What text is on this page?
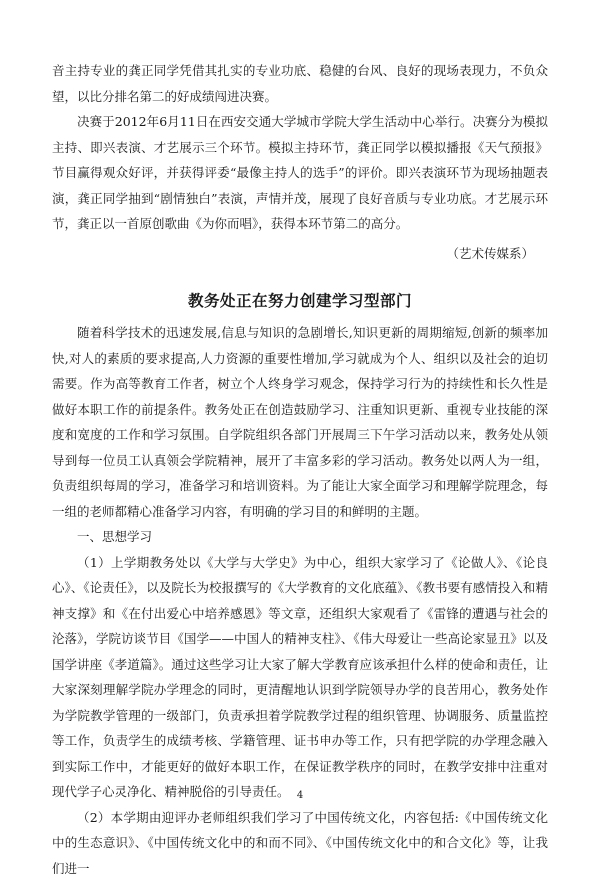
音主持专业的龚正同学凭借其扎实的专业功底、稳健的台风、良好的现场表现力，不负众望，以比分排名第二的好成绩闯进决赛。

决赛于2012年6月11日在西安交通大学城市学院大学生活动中心举行。决赛分为模拟主持、即兴表演、才艺展示三个环节。模拟主持环节，龚正同学以模拟播报《天气预报》节目赢得观众好评，并获得评委“最像主持人的选手”的评价。即兴表演环节为现场抽题表演，龚正同学抽到“剧情独白”表演，声情并茂，展现了良好音质与专业功底。才艺展示环节，龚正以一首原创歌曲《为你而唱》，获得本环节第二的高分。

（艺术传媒系）

教务处正在努力创建学习型部门

随着科学技术的迅速发展,信息与知识的急剧增长,知识更新的周期缩短,创新的频率加快,对人的素质的要求提高,人力资源的重要性增加,学习就成为个人、组织以及社会的迫切需要。作为高等教育工作者，树立个人终身学习观念，保持学习行为的持续性和长久性是做好本职工作的前提条件。教务处正在创造鼓励学习、注重知识更新、重视专业技能的深度和宽度的工作和学习氛围。自学院组织各部门开展周三下午学习活动以来，教务处从领导到每一位员工认真领会学院精神，展开了丰富多彩的学习活动。教务处以两人为一组，负责组织每周的学习，准备学习和培训资料。为了能让大家全面学习和理解学院理念，每一组的老师都精心准备学习内容，有明确的学习目的和鲜明的主题。

一、思想学习

（1）上学期教务处以《大学与大学史》为中心，组织大家学习了《论做人》、《论良心》、《论责任》，以及院长为校报撰写的《大学教育的文化底蕴》、《教书要有感情投入和精神支撑》和《在付出爱心中培养感恩》等文章，还组织大家观看了《雷锋的遭遇与社会的沦落》，学院访谈节目《国学——中国人的精神支柱》、《伟大母爱让一些高论家显丑》以及国学讲座《孝道篇》。通过这些学习让大家了解大学教育应该承担什么样的使命和责任，让大家深刻理解学院办学理念的同时，更清醒地认识到学院领导办学的良苦用心，教务处作为学院教学管理的一级部门，负责承担着学院教学过程的组织管理、协调服务、质量监控等工作，负责学生的成绩考核、学籍管理、证书申办等工作，只有把学院的办学理念融入到实际工作中，才能更好的做好本职工作，在保证教学秩序的同时，在教学安排中注重对现代学子心灵净化、精神脱俗的引导责任。

（2）本学期由迎评办老师组织我们学习了中国传统文化，内容包括:《中国传统文化中的生态意识》、《中国传统文化中的和而不同》、《中国传统文化中的和合文化》等，让我们进一

4
